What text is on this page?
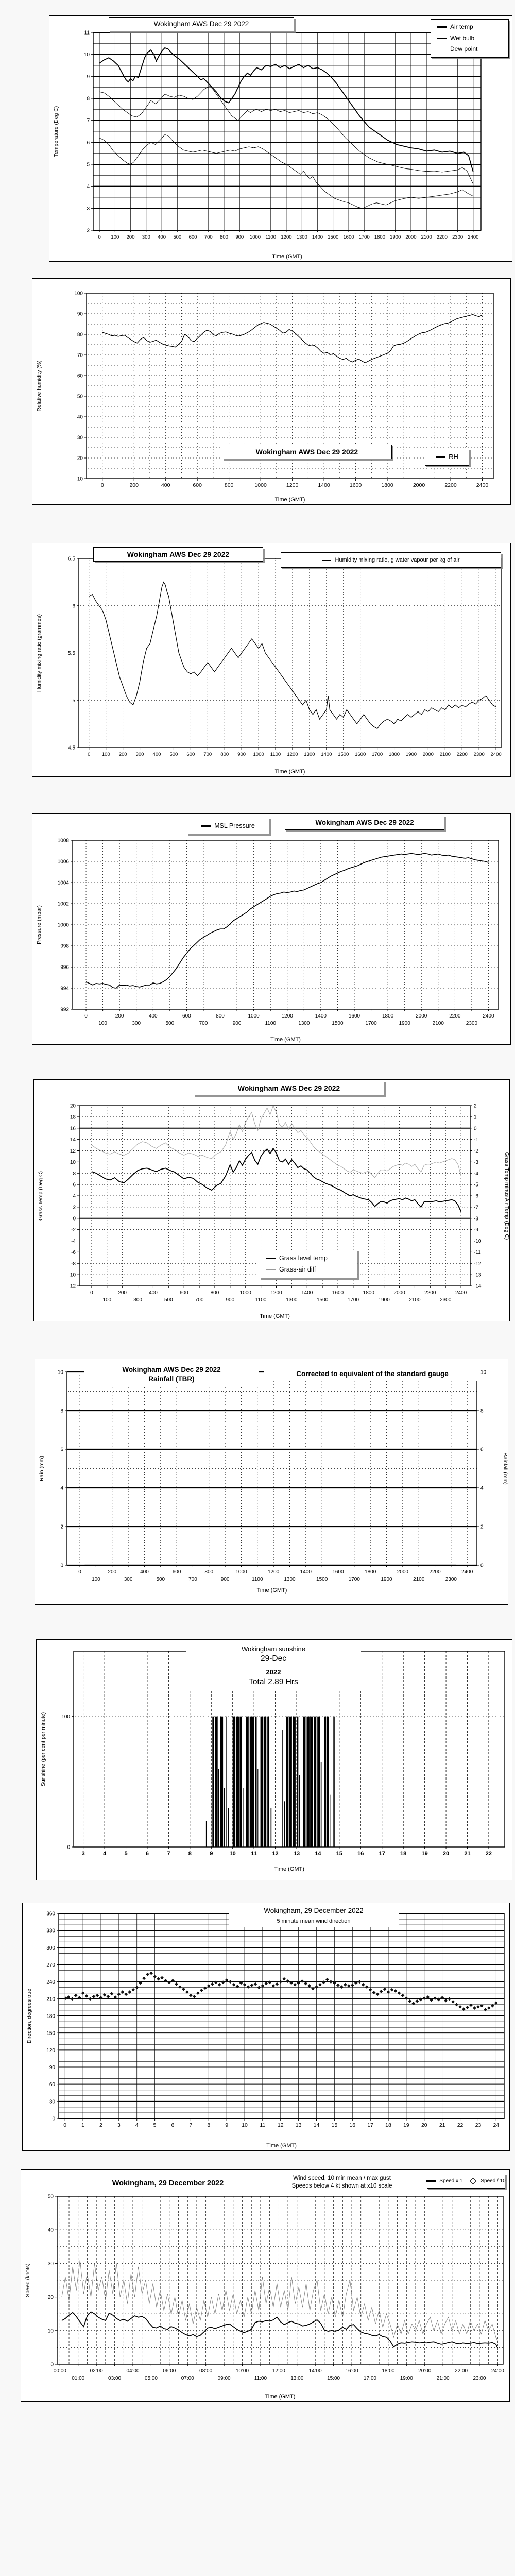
0 100 200 300 400 500 600 700 800 900 1000 1100 1200 1300 1400 1500 1600 1700 1800 1900 2000 2100 2200 2300 2400
Time (GMT)
2
3
4
5
6
7
8
9
10
11
Temperature (Deg C)
Wokingham AWS Dec 29 2022	Air temp
Wet bulb
Dew point
0	200	400	600	800	1000	1200	1400	1600	1800	2000	2200	2400
Time (GMT)
10
20
30
40
50
60
70
80
90
100
Relative humidity (%)
Wokingham AWS Dec 29 2022
RH
0 100 200 300 400 500 600 700 800 900 1000 1100 1200 1300 1400 1500 1600 1700 1800 1900 2000 2100 2200 2300 2400
Time (GMT)
4.5
5
5.5
6
6.5
Humidity mixing ratio (grammes)
Wokingham AWS Dec 29 2022
Humidity mixing ratio, g water vapour per kg of air
0
100
200
300
400
500
600
700
800
900
1000
1100
1200
1300
1400
1500
1600
1700
1800
1900
2000
2100
2200
2300
2400
Time (GMT)
992
994
996
998
1000
1002
1004
1006
1008
Pressure (mbar)
MSL Pressure	Wokingham AWS Dec 29 2022
0
100
200
300
400
500
600
700
800
900
1000
1100
1200
1300
1400
1500
1600
1700
1800
1900
2000
2100
2200
2300
2400
Time (GMT)
-12
-10
-8
-6
-4
-2
0
2
4
6
8
10
12
14
16
18
20
Grass Temp (Deg C)
-14
-13
-12
-11
-10
-9
-8
-7
-6
-5
-4
-3
-2
-1
0
1
2
Grass Temp minus Air Temp (Deg C)
Wokingham AWS Dec 29 2022
Grass level temp
Grass-air diff
0
100
200
300
400
500
600
700
800
900
1000
1100
1200
1300
1400
1500
1600
1700
1800
1900
2000
2100
2200
2300
2400
Time (GMT)
0	0
2	2
4	4
6	6
8	8
10	10
Rain (mm)	Rainfall (mm)
Wokingham AWS Dec 29 2022
Rainfall (TBR)
Corrected to equivalent of the standard gauge
3	4	5	6	7	8	9	10	11	12	13	14	15	16	17	18	19	20	21	22
Time (GMT)
0
100
Sunshine (per cent per minute)
Wokingham sunshine
29-Dec
2022
Total 2.89 Hrs
0	1	2	3	4	5	6	7	8	9 10 11 12 13 14 15 16 17 18 19 20 21 22 23 24
Time (GMT)
0
30
60
90
120
150
180
210
240
270
300
330
360
Direction, degrees true
Wokingham, 29 December 2022
5 minute mean wind direction
00:00
01:00
02:00
03:00
04:00
05:00
06:00
07:00
08:00
09:00
10:00
11:00
12:00
13:00
14:00
15:00
16:00
17:00
18:00
19:00
20:00
21:00
22:00
23:00
24:00
Time (GMT)
0
10
20
30
40
50
Speed (knots)
Wokingham, 29 December 2022
Wind speed, 10 min mean / max gust
Speeds below 4 kt shown at x10 scale
Speed x 1	Speed / 10
